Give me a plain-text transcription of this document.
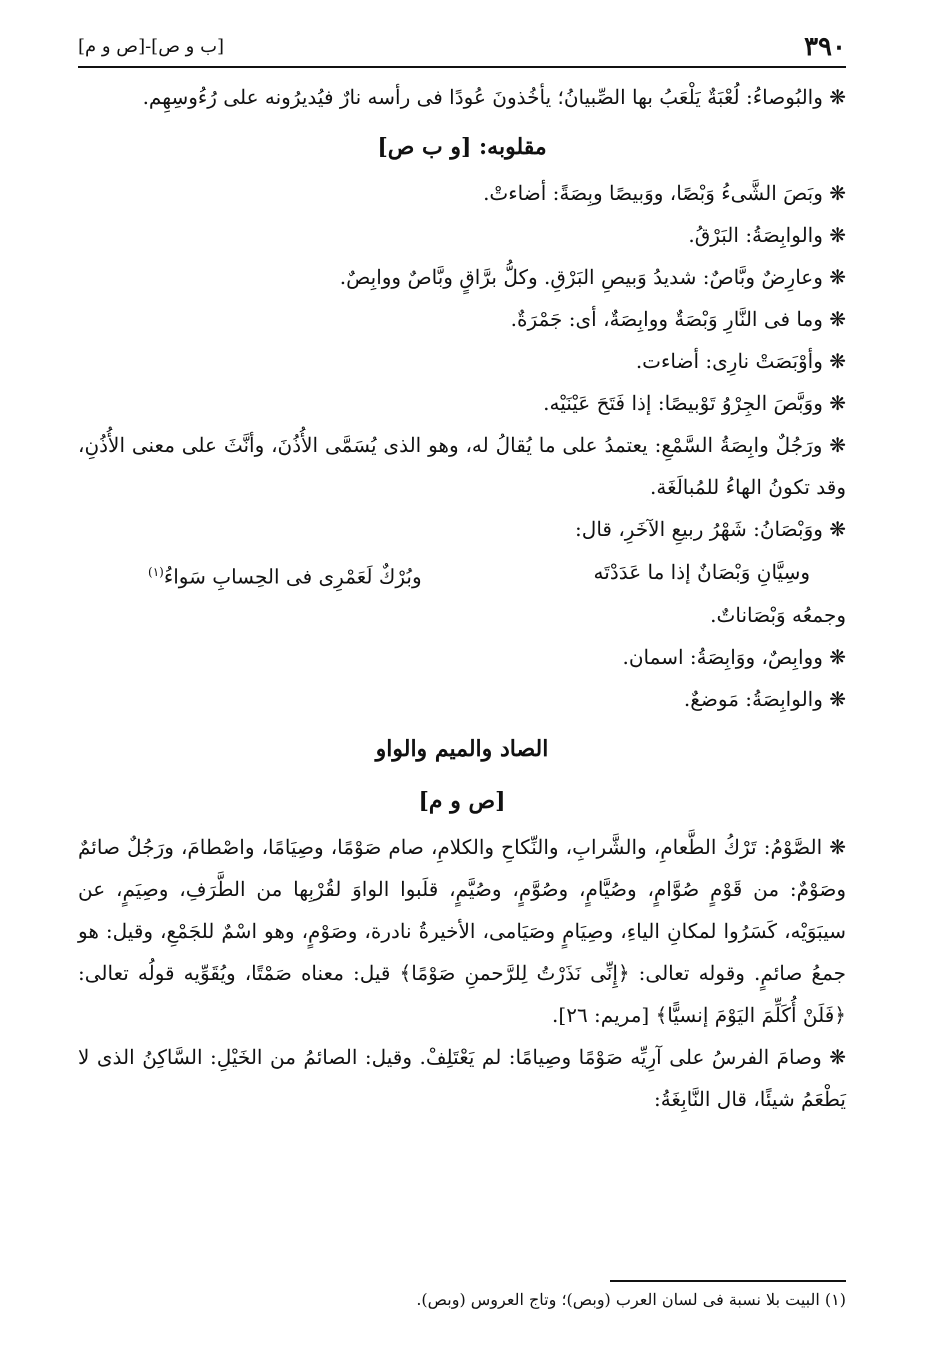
٣٩٠
[ب و ص]-[ص و م]

❋ والبُوصاءُ: لُعْبَةٌ يَلْعَبُ بها الصِّبيانُ؛ يأخُذونَ عُودًا فى رأسه نارٌ فيُديرُونه على رُءُوسِهِم.

مقلوبه: [و ب ص]

❋ وبَصَ الشَّىءُ وَبْصًا، ووَبيصًا وبِصَةً: أضاءتْ.

❋ والوابِصَةُ: البَرْقُ.

❋ وعارِضٌ وبَّاصٌ: شديدُ وَبيصِ البَرْقِ. وكلُّ برَّاقٍ وبَّاصٌ ووابِصٌ.

❋ وما فى النَّارِ وَبْصَةٌ ووابِصَةٌ، أى: جَمْرَةٌ.

❋ وأوْبَصَتْ نارِى: أضاءت.

❋ ووَبَّصَ الجِرْوُ تَوْبيصًا: إذا فَتَحَ عَيْنَيْه.

❋ ورَجُلٌ وابِصَةُ السَّمْعِ: يعتمدُ على ما يُقالُ له، وهو الذى يُسَمَّى الأُذُنَ، وأنَّثَ على معنى الأُذُنِ، وقد تكونُ الهاءُ للمُبالَغَة.

❋ ووَبْصَانُ: شَهْرُ ربيعِ الآخَرِ، قال:

وسِيَّانِ وَبْصَانٌ إذا ما عَدَدْتَه
وبُرْكٌ لَعَمْرِى فى الحِسابِ سَواءُ$^{(١)}$

وجمعُه وَبْصَاناتٌ.

❋ ووابِصٌ، ووَابِصَةُ: اسمان.

❋ والوابِصَةُ: مَوضعٌ.

الصاد والميم والواو
[ص و م]

❋ الصَّوْمُ: تَرْكُ الطَّعامِ، والشَّرابِ، والنِّكاحِ والكلامِ، صام صَوْمًا، وصِيَامًا، واصْطامَ، ورَجُلٌ صائمٌ وصَوْمٌ: من قَوْمٍ صُوَّامٍ، وصُيَّامٍ، وصُوَّمٍ، وصُيَّمٍ، قلَبوا الواوَ لقُرْبِها من الطَّرَفِ، وصِيَمٍ، عن سيبَوَيْه، كَسَرُوا لمكانِ الياءِ، وصِيَامٍ وصَيَامى، الأخيرةُ نادرة، وصَوْمٍ، وهو اسْمٌ للجَمْعِ، وقيل: هو جمعُ صائمٍ. وقوله تعالى: ﴿إِنِّى نَذَرْتُ لِلرَّحمنِ صَوْمًا﴾ قيل: معناه صَمْتًا، ويُقَوِّيه قولُه تعالى: ﴿فَلَنْ أُكَلِّمَ اليَوْمَ إنسيًّا﴾ [مريم: ٢٦].

❋ وصامَ الفرسُ على آرِيِّه صَوْمًا وصِيامًا: لم يَعْتَلِفْ. وقيل: الصائمُ من الخَيْلِ: السَّاكِنُ الذى لا يَطْعَمُ شيئًا، قال النَّابِغَةُ:

(١) البيت بلا نسبة فى لسان العرب (وبص)؛ وتاج العروس (وبص).
